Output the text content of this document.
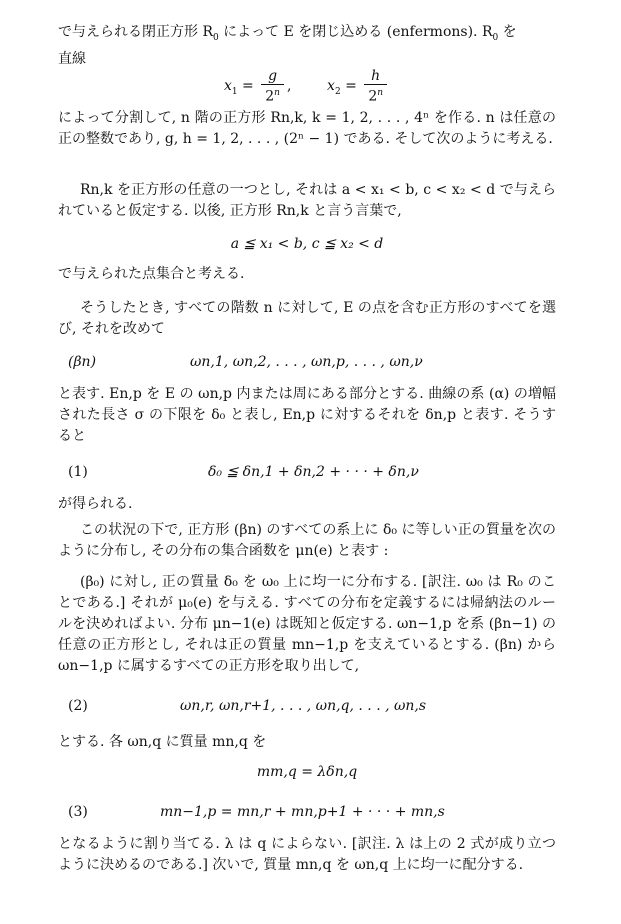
で与えられる閉正方形 $R_0$ によって E を閉じ込める (enfermons). $R_0$ を
直線

$x_1 = \frac{g}{2^n}$ ,        $x_2 = \frac{h}{2^n}$

によって分割して, n 階の正方形 Rn,k, k = 1, 2, . . . , 4ⁿ を作る. n は任意の正の整数であり, g, h = 1, 2, . . . , (2ⁿ − 1) である. そして次のように考える.

Rn,k を正方形の任意の一つとし, それは a < x₁ < b, c < x₂ < d で与えられていると仮定する. 以後, 正方形 Rn,k と言う言葉で,

a ≦ x₁ < b, c ≦ x₂ < d

で与えられた点集合と考える.

そうしたとき, すべての階数 n に対して, E の点を含む正方形のすべてを選び, それを改めて

(βn)	ωn,1, ωn,2, . . . , ωn,p, . . . , ωn,ν

と表す. En,p を E の ωn,p 内または周にある部分とする. 曲線の系 (α) の増幅された長さ σ の下限を δ₀ と表し, En,p に対するそれを δn,p と表す. そうすると

(1)	δ₀ ≦ δn,1 + δn,2 + · · · + δn,ν

が得られる.

この状況の下で, 正方形 (βn) のすべての系上に δ₀ に等しい正の質量を次のように分布し, その分布の集合函数を μn(e) と表す :

(β₀) に対し, 正の質量 δ₀ を ω₀ 上に均一に分布する. [訳注. ω₀ は R₀ のことである.] それが μ₀(e) を与える. すべての分布を定義するには帰納法のルールを決めればよい. 分布 μn−1(e) は既知と仮定する. ωn−1,p を系 (βn−1) の任意の正方形とし, それは正の質量 mn−1,p を支えているとする. (βn) から ωn−1,p に属するすべての正方形を取り出して,

(2)	ωn,r, ωn,r+1, . . . , ωn,q, . . . , ωn,s

とする. 各 ωn,q に質量 mn,q を

mm,q = λδn,q
(3)	mn−1,p = mn,r + mn,p+1 + · · · + mn,s

となるように割り当てる. λ は q によらない. [訳注. λ は上の 2 式が成り立つように決めるのである.] 次いで, 質量 mn,q を ωn,q 上に均一に配分する.
